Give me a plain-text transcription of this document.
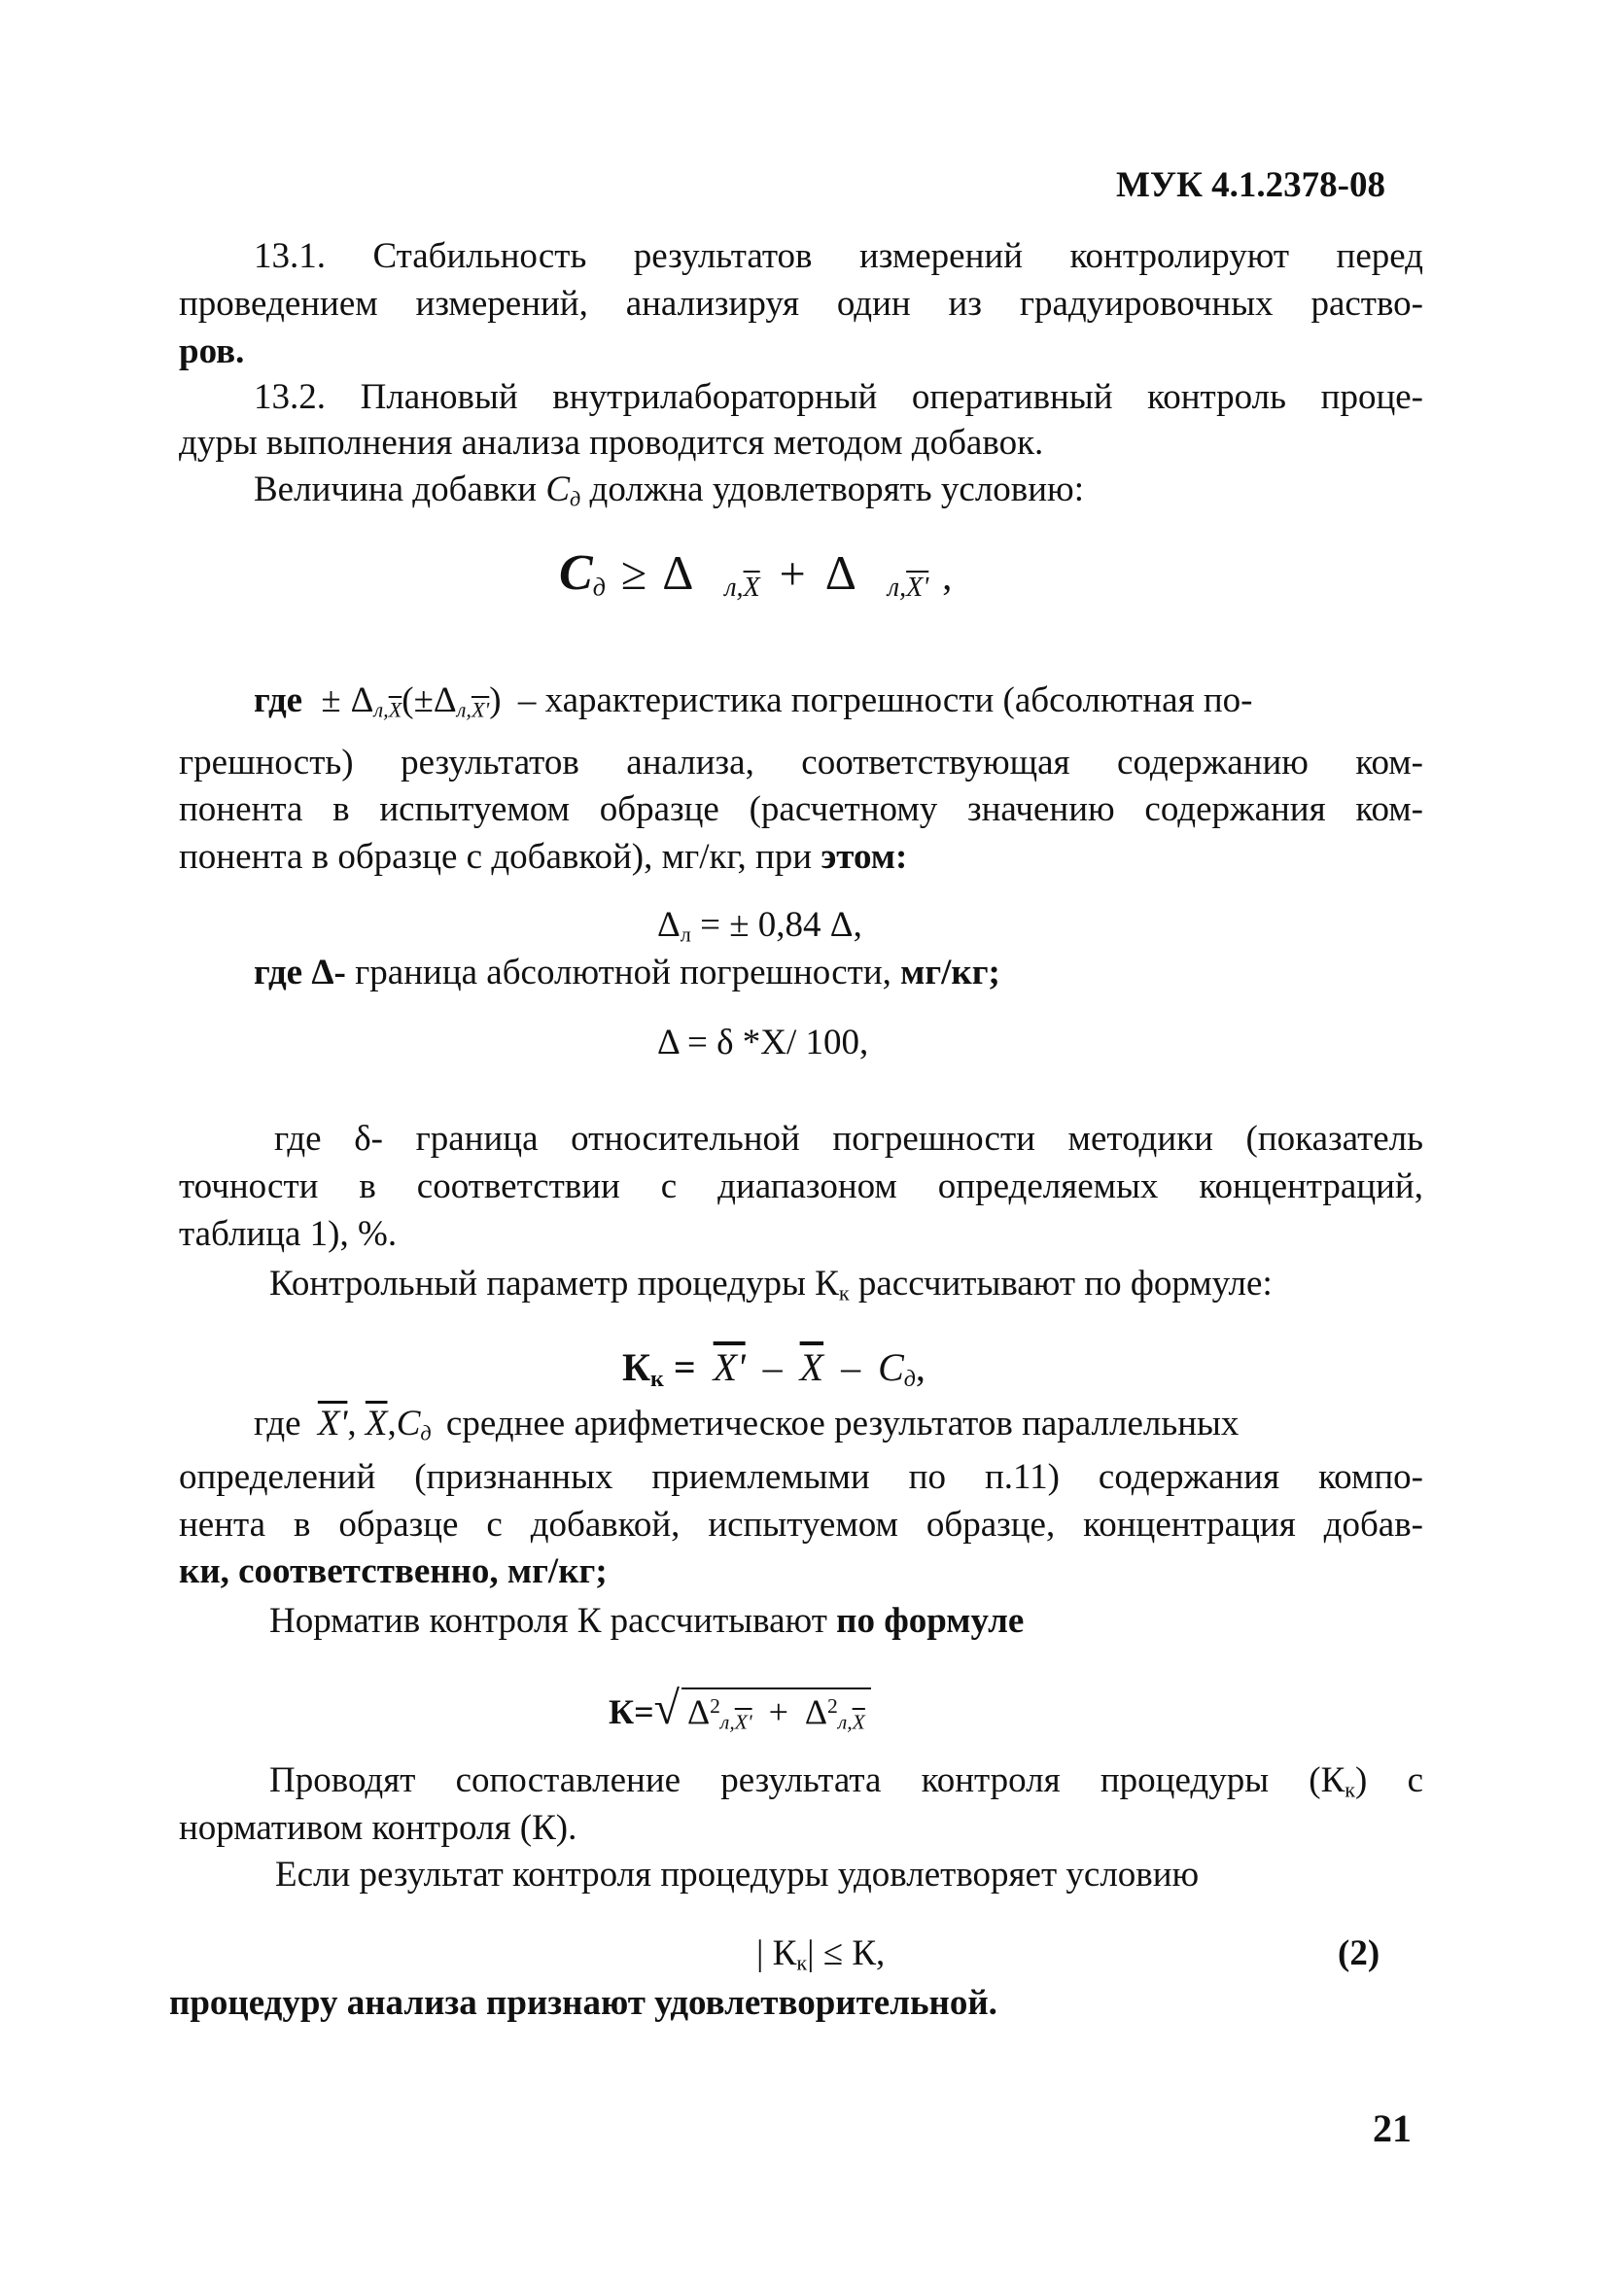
МУК 4.1.2378-08
13.1. Стабильность результатов измерений контролируют перед
проведением измерений, анализируя один из градуировочных раство-
ров.
13.2. Плановый внутрилабораторный оперативный контроль проце-
дуры выполнения анализа проводится методом добавок.
Величина добавки $C_д$ должна удовлетворять условию:
$C_д \ge \Delta$ $_{л,\overline{X}}$ + Δ $_{л,X'}$ ,
где ± $\Delta_{л,\overline{X}}(\pm\Delta_{л,X'})$ – характеристика погрешности (абсолютная по-
грешность) результатов анализа, соответствующая содержанию ком-
понента в испытуемом образце (расчетному значению содержания ком-
понента в образце с добавкой), мг/кг, при этом:
$\Delta_л$ = ± 0,84 Δ,
где Δ- граница абсолютной погрешности, мг/кг;
Δ = δ *X/ 100,
где δ- граница относительной погрешности методики (показатель
точности в соответствии с диапазоном определяемых концентраций,
таблица 1), %.
Контрольный параметр процедуры $К_к$ рассчитывают по формуле:
$К_к = X' - \overline{X} - C_д$,
где X', $\overline{X},C_д$ среднее арифметическое результатов параллельных
определений (признанных приемлемыми по п.11) содержания компо-
нента в образце с добавкой, испытуемом образце, концентрация добав-
ки, соответственно, мг/кг;
Норматив контроля К рассчитывают по формуле
К=√ $\Delta^2_{л,X'} + \Delta^2_{л,\overline{X}}$
Проводят сопоставление результата контроля процедуры $(К_к)$ с
нормативом контроля (К).
Если результат контроля процедуры удовлетворяет условию
| $К_к| \le К$,	(2)
процедуру анализа признают удовлетворительной.
21
